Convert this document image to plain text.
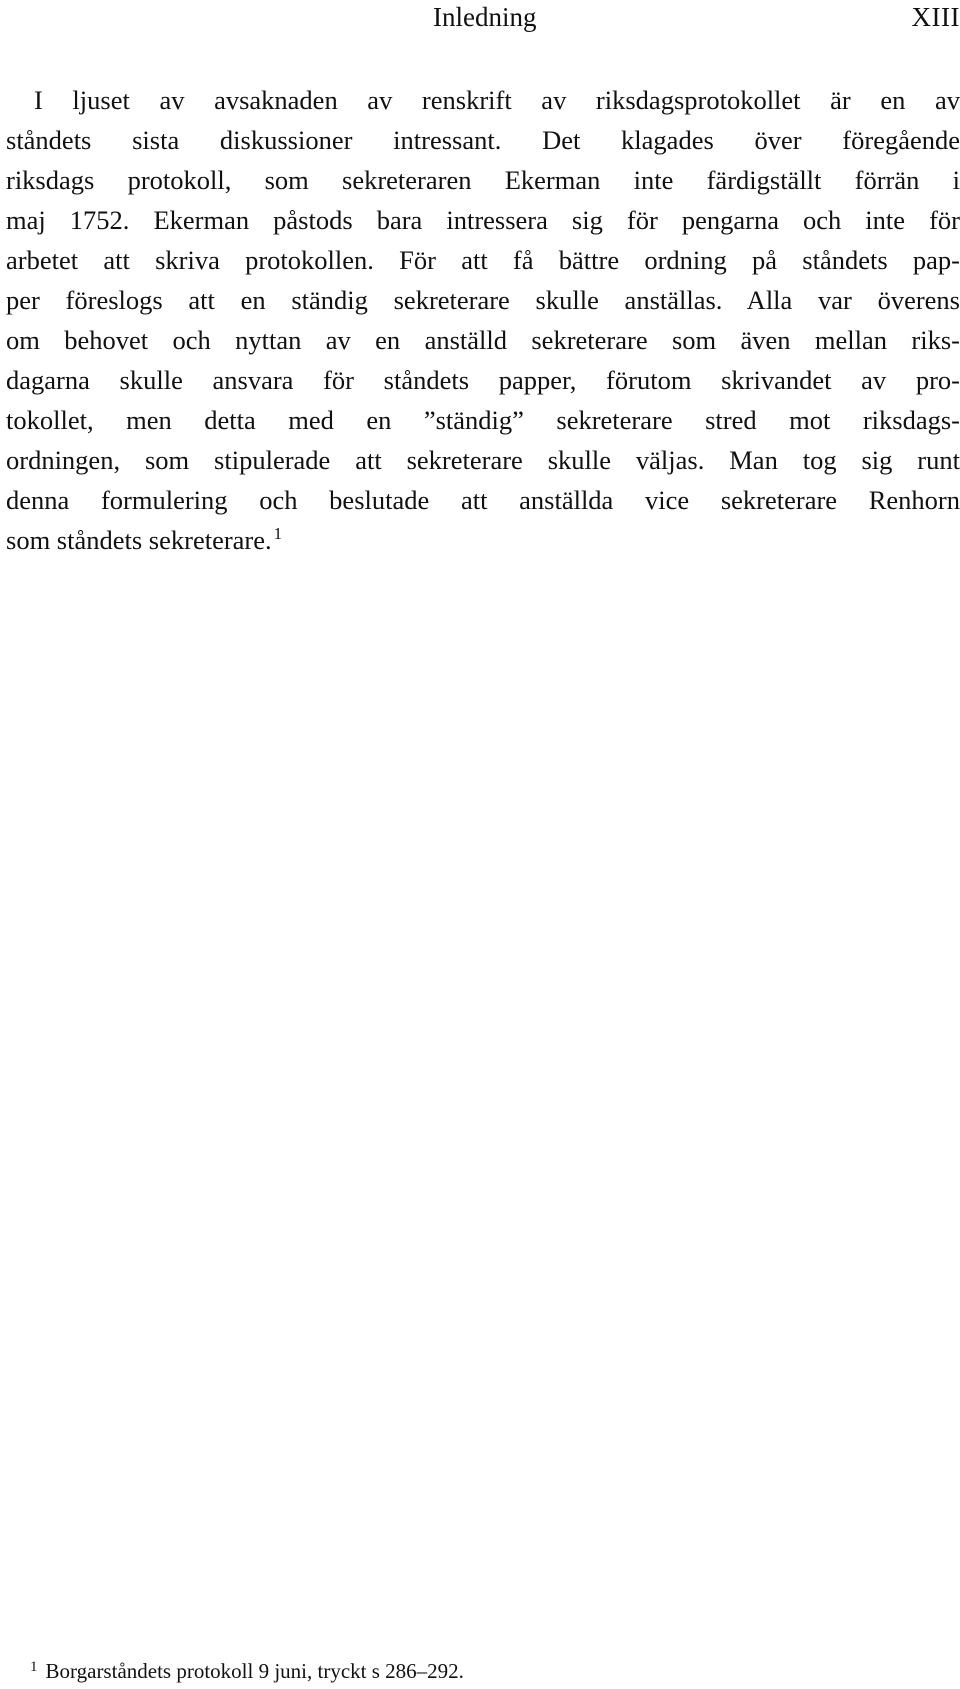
Inledning	XIII
I ljuset av avsaknaden av renskrift av riksdagsprotokollet är en av
ståndets sista diskussioner intressant. Det klagades över föregående
riksdags protokoll, som sekreteraren Ekerman inte färdigställt förrän i
maj 1752. Ekerman påstods bara intressera sig för pengarna och inte för
arbetet att skriva protokollen. För att få bättre ordning på ståndets pap-
per föreslogs att en ständig sekreterare skulle anställas. Alla var överens
om behovet och nyttan av en anställd sekreterare som även mellan riks-
dagarna skulle ansvara för ståndets papper, förutom skrivandet av pro-
tokollet, men detta med en ”ständig” sekreterare stred mot riksdags-
ordningen, som stipulerade att sekreterare skulle väljas. Man tog sig runt
denna formulering och beslutade att anställda vice sekreterare Renhorn
som ståndets sekreterare. $^1$
$^1$ Borgarståndets protokoll 9 juni, tryckt s 286–292.
